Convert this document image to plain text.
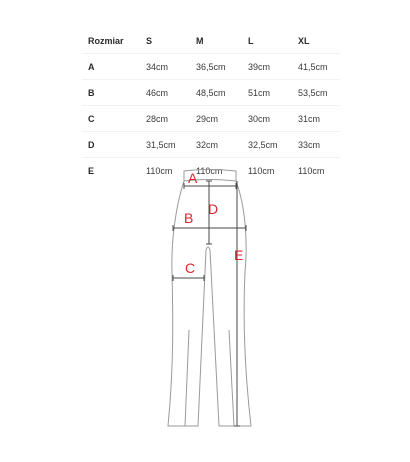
Rozmiar	S	M	L	XL
A	34cm	36,5cm	39cm	41,5cm
B	46cm	48,5cm	51cm	53,5cm
C	28cm	29cm	30cm	31cm
D	31,5cm	32cm	32,5cm	33cm
E	110cm	110cm	110cm	110cm
A
B
C
D
E
